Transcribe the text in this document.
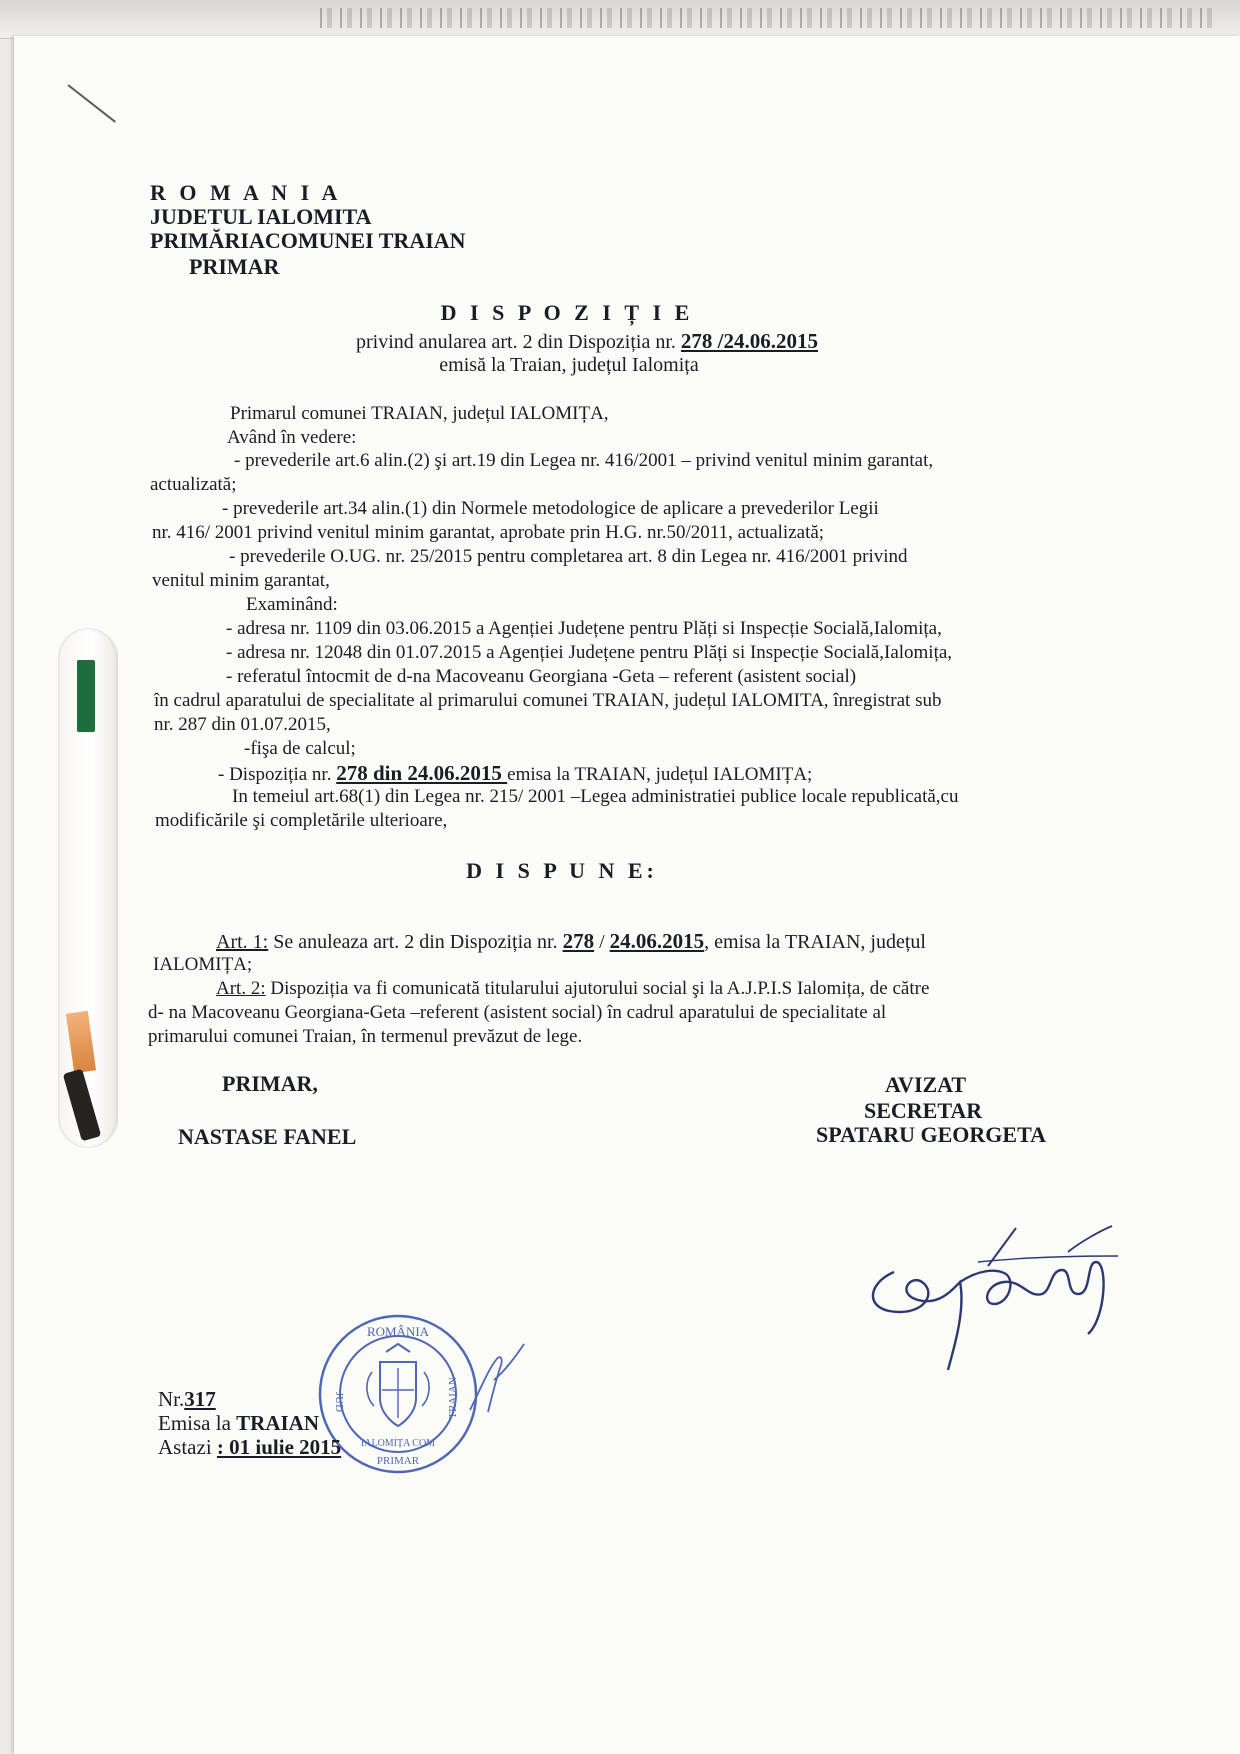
R O M A N I A

JUDETUL IALOMITA

PRIMĂRIACOMUNEI TRAIAN

PRIMAR

D I S P O Z I Ț I E

privind anularea art. 2 din Dispoziția nr. 278 /24.06.2015

emisă la Traian, județul Ialomița

Primarul comunei TRAIAN, județul IALOMIȚA,

Având în vedere:

- prevederile art.6 alin.(2) şi art.19 din Legea nr. 416/2001 – privind venitul minim garantat,

actualizată;

- prevederile art.34 alin.(1) din Normele metodologice de aplicare a prevederilor Legii

nr. 416/ 2001 privind venitul minim garantat, aprobate prin H.G. nr.50/2011, actualizată;

- prevederile O.UG. nr. 25/2015 pentru completarea art. 8 din Legea nr. 416/2001 privind

venitul minim garantat,

Examinând:

- adresa nr. 1109 din 03.06.2015 a Agenției Județene pentru Plăți si Inspecție Socială,Ialomița,

- adresa nr. 12048 din 01.07.2015 a Agenției Județene pentru Plăți si Inspecție Socială,Ialomița,

- referatul întocmit de d-na Macoveanu Georgiana -Geta – referent (asistent social)

în cadrul aparatului de specialitate al primarului comunei TRAIAN, județul IALOMITA, înregistrat sub

nr. 287 din 01.07.2015,

-fişa de calcul;

- Dispoziția nr. 278 din 24.06.2015 emisa la TRAIAN, județul IALOMIȚA;

In temeiul art.68(1) din Legea nr. 215/ 2001 –Legea administratiei publice locale republicată,cu

modificările şi completările ulterioare,

D I S P U N E:

Art. 1: Se anuleaza art. 2 din Dispoziția nr. 278 / 24.06.2015, emisa la TRAIAN, județul

IALOMIȚA;

Art. 2: Dispoziția va fi comunicată titularului ajutorului social şi la A.J.P.I.S Ialomița, de către

d- na Macoveanu Georgiana-Geta –referent (asistent social) în cadrul aparatului de specialitate al

primarului comunei Traian, în termenul prevăzut de lege.

PRIMAR,

NASTASE FANEL

AVIZAT

SECRETAR

SPATARU GEORGETA

ROMÂNIA
JUD	TRAIAN
IALOMIȚA COM
PRIMAR

Nr.317

Emisa la TRAIAN

Astazi : 01 iulie 2015
